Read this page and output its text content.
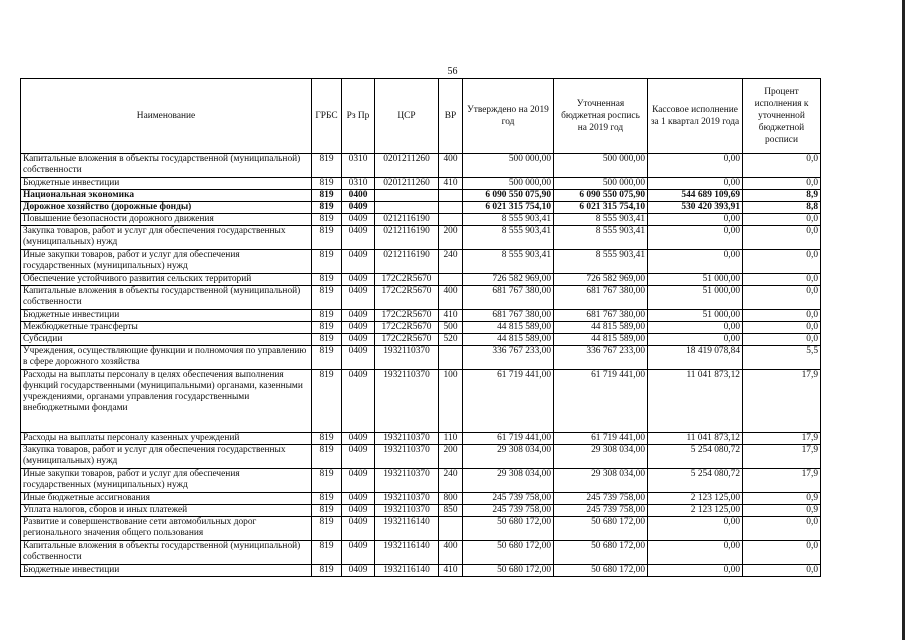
56
Наименование	ГРБС	Рз Пр	ЦСР	ВР	Утверждено на 2019 год	Уточненная бюджетная роспись на 2019 год	Кассовое исполнение за 1 квартал 2019 года	Процент исполнения к уточненной бюджетной росписи
Капитальные вложения в объекты государственной (муниципальной) собственности	819	0310	0201211260	400	500 000,00	500 000,00	0,00	0,0
Бюджетные инвестиции	819	0310	0201211260	410	500 000,00	500 000,00	0,00	0,0
Национальная экономика	819	0400			6 090 550 075,90	6 090 550 075,90	544 689 109,69	8,9
Дорожное хозяйство (дорожные фонды)	819	0409			6 021 315 754,10	6 021 315 754,10	530 420 393,91	8,8
Повышение безопасности дорожного движения	819	0409	0212116190		8 555 903,41	8 555 903,41	0,00	0,0
Закупка товаров, работ и услуг для обеспечения государственных (муниципальных) нужд	819	0409	0212116190	200	8 555 903,41	8 555 903,41	0,00	0,0
Иные закупки товаров, работ и услуг для обеспечения государственных (муниципальных) нужд	819	0409	0212116190	240	8 555 903,41	8 555 903,41	0,00	0,0
Обеспечение устойчивого развития сельских территорий	819	0409	172C2R5670		726 582 969,00	726 582 969,00	51 000,00	0,0
Капитальные вложения в объекты государственной (муниципальной) собственности	819	0409	172C2R5670	400	681 767 380,00	681 767 380,00	51 000,00	0,0
Бюджетные инвестиции	819	0409	172C2R5670	410	681 767 380,00	681 767 380,00	51 000,00	0,0
Межбюджетные трансферты	819	0409	172C2R5670	500	44 815 589,00	44 815 589,00	0,00	0,0
Субсидии	819	0409	172C2R5670	520	44 815 589,00	44 815 589,00	0,00	0,0
Учреждения, осуществляющие функции и полномочия по управлению в сфере дорожного хозяйства	819	0409	1932110370		336 767 233,00	336 767 233,00	18 419 078,84	5,5
Расходы на выплаты персоналу в целях обеспечения выполнения функций государственными (муниципальными) органами, казенными учреждениями, органами управления государственными внебюджетными фондами	819	0409	1932110370	100	61 719 441,00	61 719 441,00	11 041 873,12	17,9
Расходы на выплаты персоналу казенных учреждений	819	0409	1932110370	110	61 719 441,00	61 719 441,00	11 041 873,12	17,9
Закупка товаров, работ и услуг для обеспечения государственных (муниципальных) нужд	819	0409	1932110370	200	29 308 034,00	29 308 034,00	5 254 080,72	17,9
Иные закупки товаров, работ и услуг для обеспечения государственных (муниципальных) нужд	819	0409	1932110370	240	29 308 034,00	29 308 034,00	5 254 080,72	17,9
Иные бюджетные ассигнования	819	0409	1932110370	800	245 739 758,00	245 739 758,00	2 123 125,00	0,9
Уплата налогов, сборов и иных платежей	819	0409	1932110370	850	245 739 758,00	245 739 758,00	2 123 125,00	0,9
Развитие и совершенствование сети автомобильных дорог регионального значения общего пользования	819	0409	1932116140		50 680 172,00	50 680 172,00	0,00	0,0
Капитальные вложения в объекты государственной (муниципальной) собственности	819	0409	1932116140	400	50 680 172,00	50 680 172,00	0,00	0,0
Бюджетные инвестиции	819	0409	1932116140	410	50 680 172,00	50 680 172,00	0,00	0,0
